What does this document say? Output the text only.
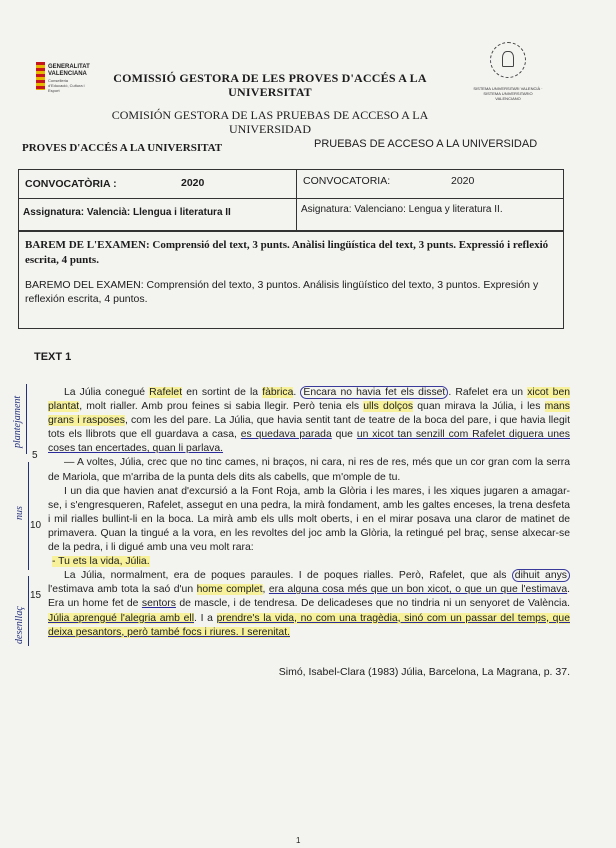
GENERALITAT
VALENCIANA
Conselleria d'Educació, Cultura i Esport
COMISSIÓ GESTORA DE LES PROVES D'ACCÉS A LA UNIVERSITAT
COMISIÓN GESTORA DE LAS PRUEBAS DE ACCESO A LA UNIVERSIDAD
SISTEMA UNIVERSITARI VALENCIÀ · SISTEMA UNIVERSITARIO VALENCIANO
PROVES D'ACCÉS A LA UNIVERSITAT	PRUEBAS DE ACCESO A LA UNIVERSIDAD
CONVOCATÒRIA :	2020	CONVOCATORIA:	2020
Assignatura: Valencià: Llengua i literatura II	Asignatura: Valenciano: Lengua y literatura II.
BAREM DE L'EXAMEN: Comprensió del text, 3 punts. Anàlisi lingüística del text, 3 punts. Expressió i reflexió escrita, 4 punts.
BAREMO DEL EXAMEN: Comprensión del texto, 3 puntos. Análisis lingüístico del texto, 3 puntos. Expresión y reflexión escrita, 4 puntos.
TEXT 1
plantejament
nus
desenllaç
5
10
15

La Júlia conegué Rafelet en sortint de la fàbrica. Encara no havia fet els disset . Rafelet era un xicot ben plantat, molt rialler. Amb prou feines si sabia llegir. Però tenia els ulls dolços quan mirava la Júlia, i les mans grans i rasposes, com les del pare. La Júlia, que havia sentit tant de teatre de la boca del pare, i que havia llegit tots els llibrots que ell guardava a casa, es quedava parada que un xicot tan senzill com Rafelet diguera unes coses tan encertades, quan li parlava.

— A voltes, Júlia, crec que no tinc cames, ni braços, ni cara, ni res de res, més que un cor gran com la serra de Mariola, que m'arriba de la punta dels dits als cabells, que m'omple de tu.

I un dia que havien anat d'excursió a la Font Roja, amb la Glòria i les mares, i les xiques jugaren a amagar-se, i s'engresqueren, Rafelet, assegut en una pedra, la mirà fondament, amb les galtes enceses, la trena desfeta i mil rialles bullint-li en la boca. La mirà amb els ulls molt oberts, i en el mirar posava una claror de matinet de primavera. Quan la tingué a la vora, en les revoltes del joc amb la Glòria, la retingué pel braç, sense alxecar-se de la pedra, i li digué amb una veu molt rara:

- Tu ets la vida, Júlia.

La Júlia, normalment, era de poques paraules. I de poques rialles. Però, Rafelet, que als dihuit anys l'estimava amb tota la saó d'un home complet, era alguna cosa més que un bon xicot, o que un que l'estimava. Era un home fet de sentors de mascle, i de tendresa. De delicadeses que no tindria ni un senyoret de València. Júlia aprengué l'alegria amb ell. I a prendre's la vida, no com una tragèdia, sinó com un passar del temps, que deixa pesantors, però també focs i riures. I serenitat.

Simó, Isabel-Clara (1983) Júlia, Barcelona, La Magrana, p. 37.
1
